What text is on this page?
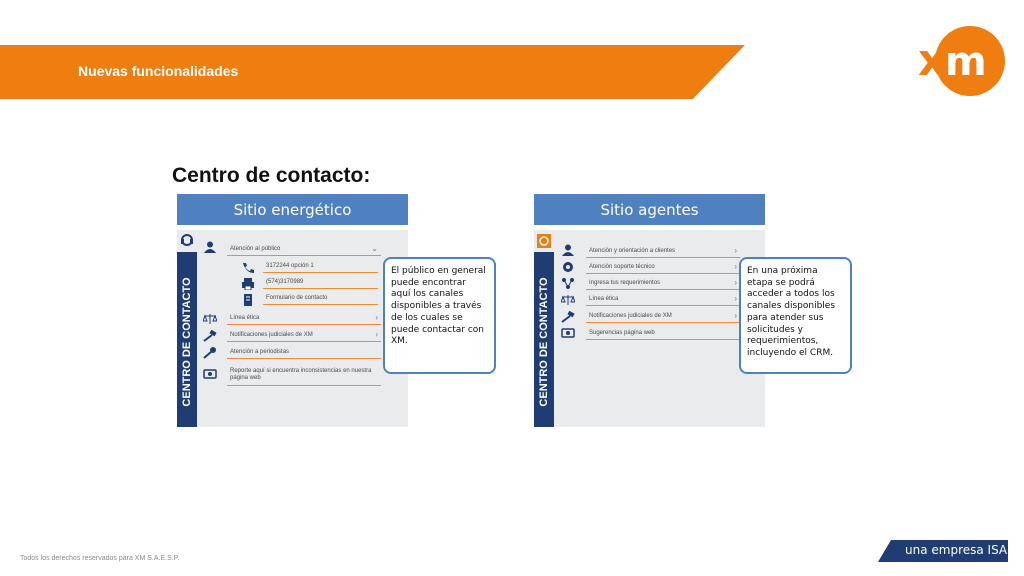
Nuevas funcionalidades	x
m
Centro de contacto:
Sitio energético
CENTRO DE CONTACTO
Atención al público	⌄
3172244 opción 1
(574)3170989
Formulario de contacto
Línea ética	›
Notificaciones judiciales de XM	›
Atención a periodistas
Reporte aquí si encuentra inconsistencias en nuestra página web
El público en general puede encontrar aquí los canales disponibles a través de los cuales se puede contactar con XM.
Sitio agentes
CENTRO DE CONTACTO
Atención y orientación a clientes	›
Atención soporte técnico	›
Ingresa tus requerimientos	›
Línea ética	›
Notificaciones judiciales de XM	›
Sugerencias página web
En una próxima etapa se podrá acceder a todos los canales disponibles para atender sus solicitudes y requerimientos, incluyendo el CRM.
Todos los derechos reservados para XM S.A.E.S.P.
una empresa ISA
